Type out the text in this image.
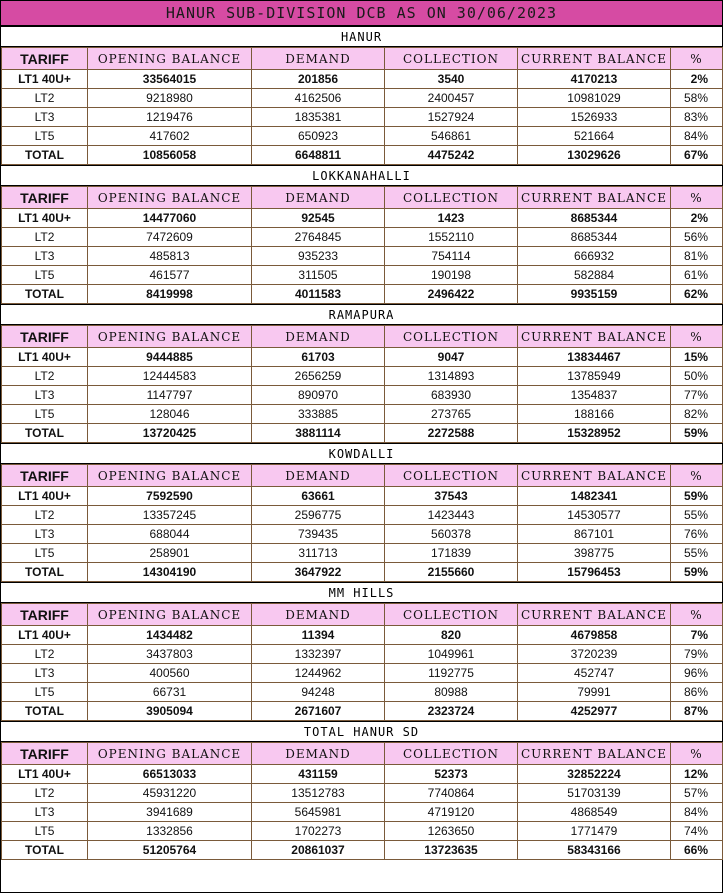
HANUR SUB-DIVISION DCB AS ON 30/06/2023
HANUR
TARIFF	OPENING BALANCE	DEMAND	COLLECTION	CURRENT BALANCE	%
LT1 40U+	33564015	201856	3540	4170213	2%
LT2	9218980	4162506	2400457	10981029	58%
LT3	1219476	1835381	1527924	1526933	83%
LT5	417602	650923	546861	521664	84%
TOTAL	10856058	6648811	4475242	13029626	67%
LOKKANAHALLI
TARIFF	OPENING BALANCE	DEMAND	COLLECTION	CURRENT BALANCE	%
LT1 40U+	14477060	92545	1423	8685344	2%
LT2	7472609	2764845	1552110	8685344	56%
LT3	485813	935233	754114	666932	81%
LT5	461577	311505	190198	582884	61%
TOTAL	8419998	4011583	2496422	9935159	62%
RAMAPURA
TARIFF	OPENING BALANCE	DEMAND	COLLECTION	CURRENT BALANCE	%
LT1 40U+	9444885	61703	9047	13834467	15%
LT2	12444583	2656259	1314893	13785949	50%
LT3	1147797	890970	683930	1354837	77%
LT5	128046	333885	273765	188166	82%
TOTAL	13720425	3881114	2272588	15328952	59%
KOWDALLI
TARIFF	OPENING BALANCE	DEMAND	COLLECTION	CURRENT BALANCE	%
LT1 40U+	7592590	63661	37543	1482341	59%
LT2	13357245	2596775	1423443	14530577	55%
LT3	688044	739435	560378	867101	76%
LT5	258901	311713	171839	398775	55%
TOTAL	14304190	3647922	2155660	15796453	59%
MM HILLS
TARIFF	OPENING BALANCE	DEMAND	COLLECTION	CURRENT BALANCE	%
LT1 40U+	1434482	11394	820	4679858	7%
LT2	3437803	1332397	1049961	3720239	79%
LT3	400560	1244962	1192775	452747	96%
LT5	66731	94248	80988	79991	86%
TOTAL	3905094	2671607	2323724	4252977	87%
TOTAL HANUR SD
TARIFF	OPENING BALANCE	DEMAND	COLLECTION	CURRENT BALANCE	%
LT1 40U+	66513033	431159	52373	32852224	12%
LT2	45931220	13512783	7740864	51703139	57%
LT3	3941689	5645981	4719120	4868549	84%
LT5	1332856	1702273	1263650	1771479	74%
TOTAL	51205764	20861037	13723635	58343166	66%
